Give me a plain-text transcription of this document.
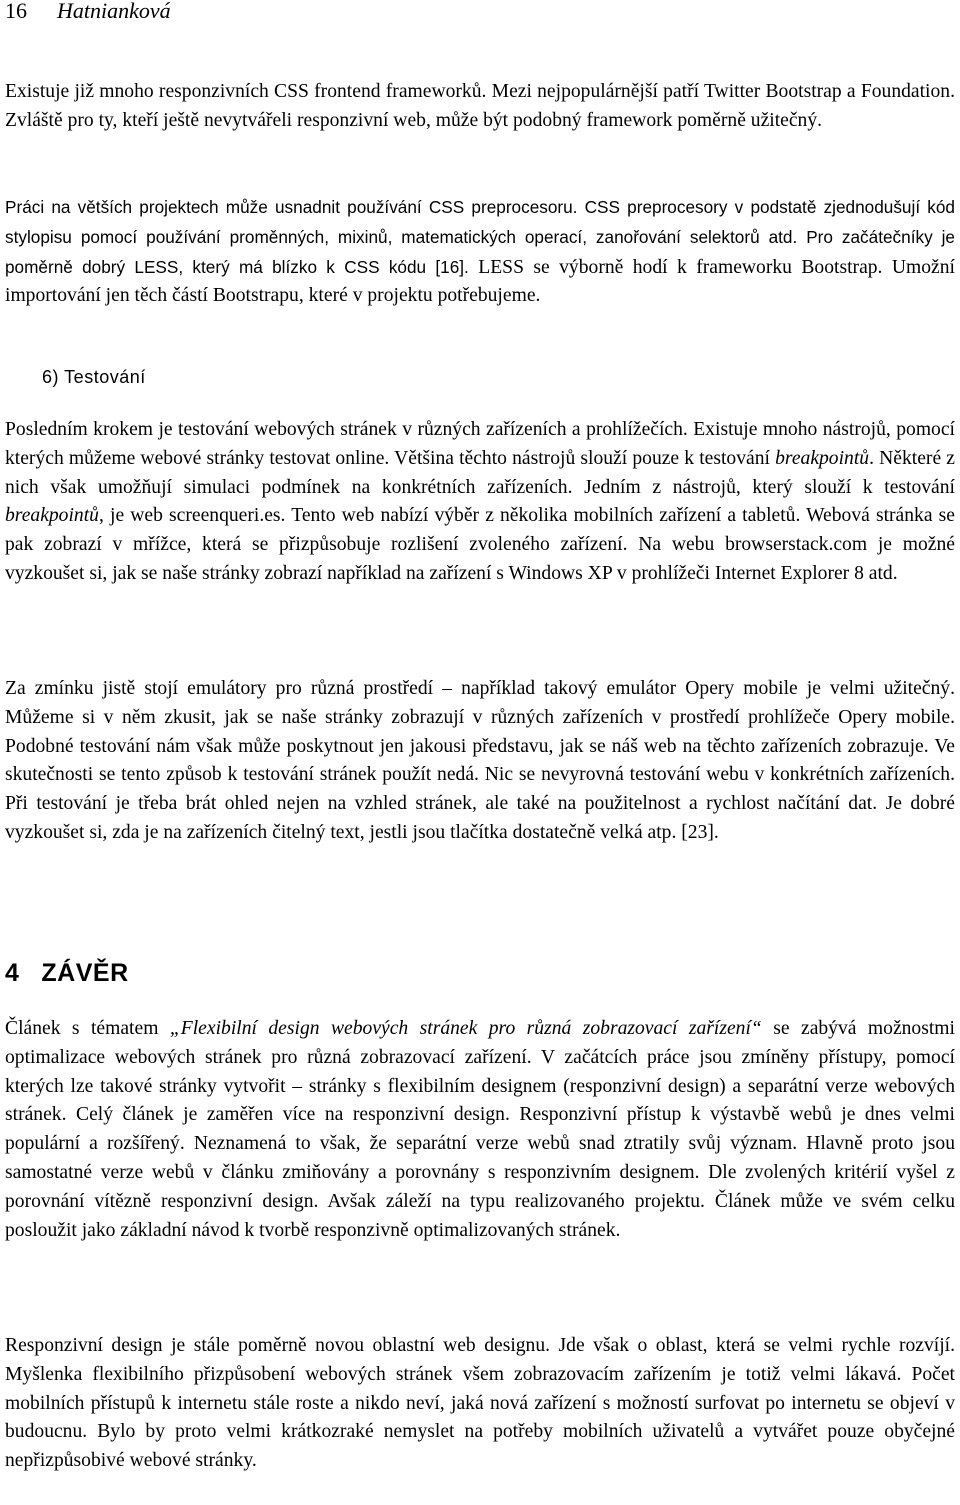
16 Hatnianková

Existuje již mnoho responzivních CSS frontend frameworků. Mezi nejpopulárnější patří Twitter Bootstrap a Foundation. Zvláště pro ty, kteří ještě nevytvářeli responzivní web, může být podobný framework poměrně užitečný.

Práci na větších projektech může usnadnit používání CSS preprocesoru. CSS preprocesory v podstatě zjednodušují kód stylopisu pomocí používání proměnných, mixinů, matematických operací, zanořování selektorů atd. Pro začátečníky je poměrně dobrý LESS, který má blízko k CSS kódu [16]. LESS se výborně hodí k frameworku Bootstrap. Umožní importování jen těch částí Bootstrapu, které v projektu potřebujeme.

6) Testování

Posledním krokem je testování webových stránek v různých zařízeních a prohlížečích. Existuje mnoho nástrojů, pomocí kterých můžeme webové stránky testovat online. Většina těchto nástrojů slouží pouze k testování breakpointů. Některé z nich však umožňují simulaci podmínek na konkrétních zařízeních. Jedním z nástrojů, který slouží k testování breakpointů, je web screenqueri.es. Tento web nabízí výběr z několika mobilních zařízení a tabletů. Webová stránka se pak zobrazí v mřížce, která se přizpůsobuje rozlišení zvoleného zařízení. Na webu browserstack.com je možné vyzkoušet si, jak se naše stránky zobrazí například na zařízení s Windows XP v prohlížeči Internet Explorer 8 atd.

Za zmínku jistě stojí emulátory pro různá prostředí – například takový emulátor Opery mobile je velmi užitečný. Můžeme si v něm zkusit, jak se naše stránky zobrazují v různých zařízeních v prostředí prohlížeče Opery mobile. Podobné testování nám však může poskytnout jen jakousi představu, jak se náš web na těchto zařízeních zobrazuje. Ve skutečnosti se tento způsob k testování stránek použít nedá. Nic se nevyrovná testování webu v konkrétních zařízeních. Při testování je třeba brát ohled nejen na vzhled stránek, ale také na použitelnost a rychlost načítání dat. Je dobré vyzkoušet si, zda je na zařízeních čitelný text, jestli jsou tlačítka dostatečně velká atp. [23].

4 ZÁVĚR

Článek s tématem „Flexibilní design webových stránek pro různá zobrazovací zařízení“ se zabývá možnostmi optimalizace webových stránek pro různá zobrazovací zařízení. V začátcích práce jsou zmíněny přístupy, pomocí kterých lze takové stránky vytvořit – stránky s flexibilním designem (responzivní design) a separátní verze webových stránek. Celý článek je zaměřen více na responzivní design. Responzivní přístup k výstavbě webů je dnes velmi populární a rozšířený. Neznamená to však, že separátní verze webů snad ztratily svůj význam. Hlavně proto jsou samostatné verze webů v článku zmiňovány a porovnány s responzivním designem. Dle zvolených kritérií vyšel z porovnání vítězně responzivní design. Avšak záleží na typu realizovaného projektu. Článek může ve svém celku posloužit jako základní návod k tvorbě responzivně optimalizovaných stránek.

Responzivní design je stále poměrně novou oblastní web designu. Jde však o oblast, která se velmi rychle rozvíjí. Myšlenka flexibilního přizpůsobení webových stránek všem zobrazovacím zařízením je totiž velmi lákavá. Počet mobilních přístupů k internetu stále roste a nikdo neví, jaká nová zařízení s možností surfovat po internetu se objeví v budoucnu. Bylo by proto velmi krátkozraké nemyslet na potřeby mobilních uživatelů a vytvářet pouze obyčejné nepřizpůsobivé webové stránky.
